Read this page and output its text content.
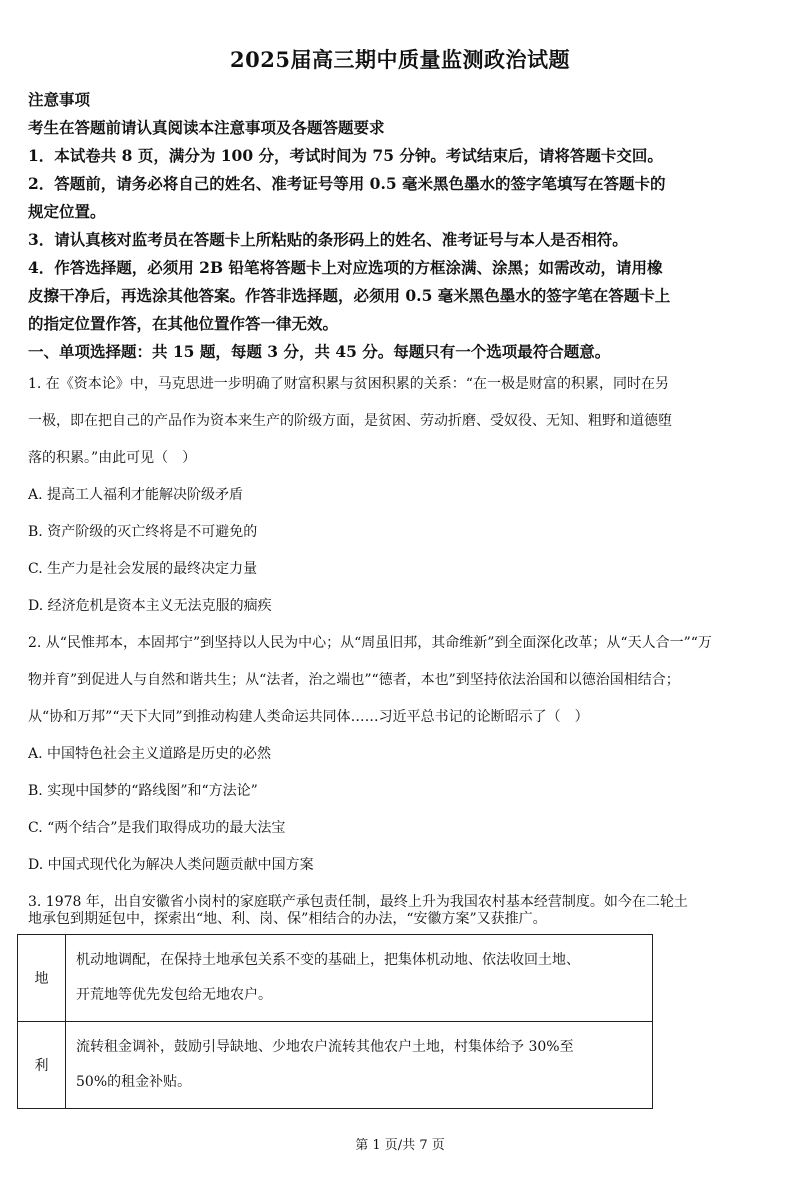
2025届高三期中质量监测政治试题
注意事项
考生在答题前请认真阅读本注意事项及各题答题要求
1．本试卷共 8 页，满分为 100 分，考试时间为 75 分钟。考试结束后，请将答题卡交回。
2．答题前，请务必将自己的姓名、准考证号等用 0.5 毫米黑色墨水的签字笔填写在答题卡的
规定位置。
3．请认真核对监考员在答题卡上所粘贴的条形码上的姓名、准考证号与本人是否相符。
4．作答选择题，必须用 2B 铅笔将答题卡上对应选项的方框涂满、涂黑；如需改动，请用橡
皮擦干净后，再选涂其他答案。作答非选择题，必须用 0.5 毫米黑色墨水的签字笔在答题卡上
的指定位置作答，在其他位置作答一律无效。
一、单项选择题：共 15 题，每题 3 分，共 45 分。每题只有一个选项最符合题意。
1. 在《资本论》中，马克思进一步明确了财富积累与贫困积累的关系：“在一极是财富的积累，同时在另
一极，即在把自己的产品作为资本来生产的阶级方面，是贫困、劳动折磨、受奴役、无知、粗野和道德堕
落的积累。”由此可见（　）
A. 提高工人福利才能解决阶级矛盾
B. 资产阶级的灭亡终将是不可避免的
C. 生产力是社会发展的最终决定力量
D. 经济危机是资本主义无法克服的痼疾
2. 从“民惟邦本，本固邦宁”到坚持以人民为中心；从“周虽旧邦，其命维新”到全面深化改革；从“天人合一”“万
物并育”到促进人与自然和谐共生；从“法者，治之端也”“德者，本也”到坚持依法治国和以德治国相结合；
从“协和万邦”“天下大同”到推动构建人类命运共同体……习近平总书记的论断昭示了（　）
A. 中国特色社会主义道路是历史的必然
B. 实现中国梦的“路线图”和“方法论”
C. “两个结合”是我们取得成功的最大法宝
D. 中国式现代化为解决人类问题贡献中国方案
3. 1978 年，出自安徽省小岗村的家庭联产承包责任制，最终上升为我国农村基本经营制度。如今在二轮土
地承包到期延包中，探索出“地、利、岗、保”相结合的办法，“安徽方案”又获推广。
地	机动地调配，在保持土地承包关系不变的基础上，把集体机动地、依法收回土地、
开荒地等优先发包给无地农户。

利	流转租金调补，鼓励引导缺地、少地农户流转其他农户土地，村集体给予 30%至
50%的租金补贴。
第 1 页/共 7 页
